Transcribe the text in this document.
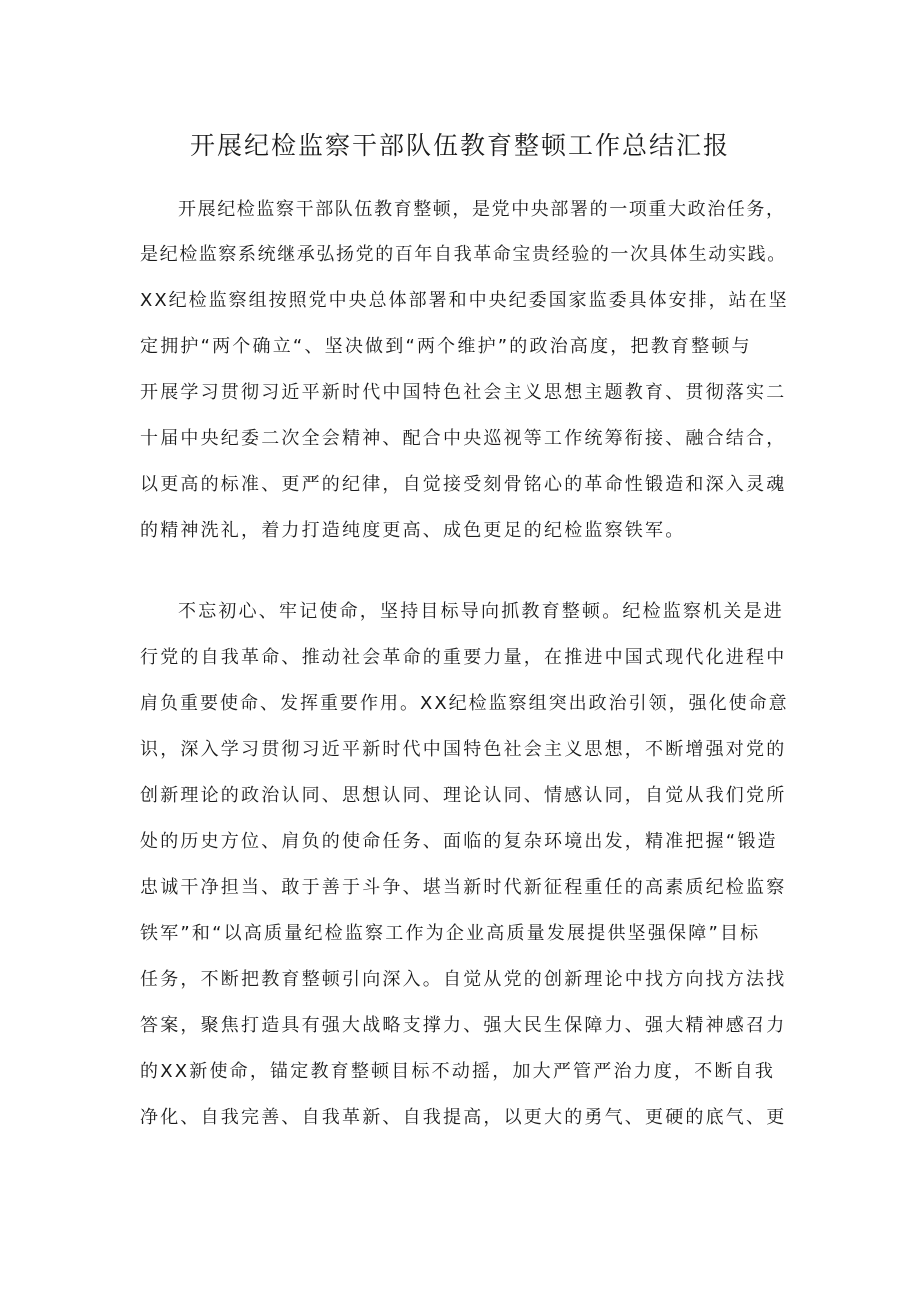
开展纪检监察干部队伍教育整顿工作总结汇报
开展纪检监察干部队伍教育整顿，是党中央部署的一项重大政治任务，
是纪检监察系统继承弘扬党的百年自我革命宝贵经验的一次具体生动实践。
XX纪检监察组按照党中央总体部署和中央纪委国家监委具体安排，站在坚
定拥护“两个确立“、坚决做到“两个维护”的政治高度，把教育整顿与
开展学习贯彻习近平新时代中国特色社会主义思想主题教育、贯彻落实二
十届中央纪委二次全会精神、配合中央巡视等工作统筹衔接、融合结合，
以更高的标准、更严的纪律，自觉接受刻骨铭心的革命性锻造和深入灵魂
的精神洗礼，着力打造纯度更高、成色更足的纪检监察铁军。
不忘初心、牢记使命，坚持目标导向抓教育整顿。纪检监察机关是进
行党的自我革命、推动社会革命的重要力量，在推进中国式现代化进程中
肩负重要使命、发挥重要作用。XX纪检监察组突出政治引领，强化使命意
识，深入学习贯彻习近平新时代中国特色社会主义思想，不断增强对党的
创新理论的政治认同、思想认同、理论认同、情感认同，自觉从我们党所
处的历史方位、肩负的使命任务、面临的复杂环境出发，精准把握“锻造
忠诚干净担当、敢于善于斗争、堪当新时代新征程重任的高素质纪检监察
铁军”和“以高质量纪检监察工作为企业高质量发展提供坚强保障”目标
任务，不断把教育整顿引向深入。自觉从党的创新理论中找方向找方法找
答案，聚焦打造具有强大战略支撑力、强大民生保障力、强大精神感召力
的XX新使命，锚定教育整顿目标不动摇，加大严管严治力度，不断自我
净化、自我完善、自我革新、自我提高，以更大的勇气、更硬的底气、更
